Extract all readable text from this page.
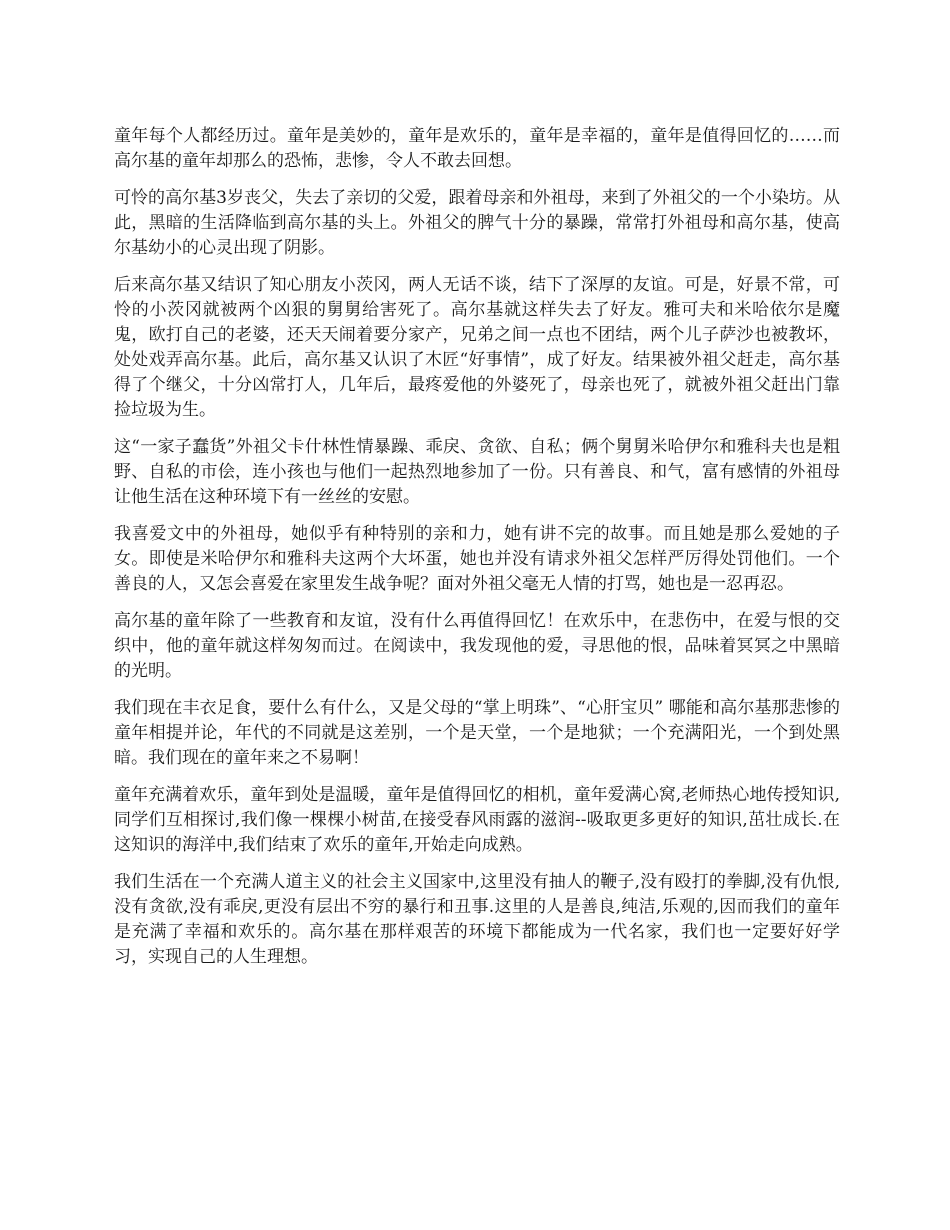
童年每个人都经历过。童年是美妙的，童年是欢乐的，童年是幸福的，童年是值得回忆的……而高尔基的童年却那么的恐怖，悲惨，令人不敢去回想。

可怜的高尔基3岁丧父，失去了亲切的父爱，跟着母亲和外祖母，来到了外祖父的一个小染坊。从此，黑暗的生活降临到高尔基的头上。外祖父的脾气十分的暴躁，常常打外祖母和高尔基，使高尔基幼小的心灵出现了阴影。

后来高尔基又结识了知心朋友小茨冈，两人无话不谈，结下了深厚的友谊。可是，好景不常，可怜的小茨冈就被两个凶狠的舅舅给害死了。高尔基就这样失去了好友。雅可夫和米哈依尔是魔鬼，欧打自己的老婆，还天天闹着要分家产，兄弟之间一点也不团结，两个儿子萨沙也被教坏，处处戏弄高尔基。此后，高尔基又认识了木匠“好事情”，成了好友。结果被外祖父赶走，高尔基得了个继父，十分凶常打人，几年后，最疼爱他的外婆死了，母亲也死了，就被外祖父赶出门靠捡垃圾为生。

这“一家子蠢货”外祖父卡什林性情暴躁、乖戾、贪欲、自私；俩个舅舅米哈伊尔和雅科夫也是粗野、自私的市侩，连小孩也与他们一起热烈地参加了一份。只有善良、和气，富有感情的外祖母让他生活在这种环境下有一丝丝的安慰。

我喜爱文中的外祖母，她似乎有种特别的亲和力，她有讲不完的故事。而且她是那么爱她的子女。即使是米哈伊尔和雅科夫这两个大坏蛋，她也并没有请求外祖父怎样严厉得处罚他们。一个善良的人，又怎会喜爱在家里发生战争呢？面对外祖父毫无人情的打骂，她也是一忍再忍。

高尔基的童年除了一些教育和友谊，没有什么再值得回忆！在欢乐中，在悲伤中，在爱与恨的交织中，他的童年就这样匆匆而过。在阅读中，我发现他的爱，寻思他的恨，品味着冥冥之中黑暗的光明。

我们现在丰衣足食，要什么有什么，又是父母的“掌上明珠”、“心肝宝贝” 哪能和高尔基那悲惨的童年相提并论，年代的不同就是这差别，一个是天堂，一个是地狱；一个充满阳光，一个到处黑暗。我们现在的童年来之不易啊！

童年充满着欢乐，童年到处是温暖，童年是值得回忆的相机，童年爱满心窝,老师热心地传授知识,同学们互相探讨,我们像一棵棵小树苗,在接受春风雨露的滋润--吸取更多更好的知识,茁壮成长.在这知识的海洋中,我们结束了欢乐的童年,开始走向成熟。

我们生活在一个充满人道主义的社会主义国家中,这里没有抽人的鞭子,没有殴打的拳脚,没有仇恨,没有贪欲,没有乖戾,更没有层出不穷的暴行和丑事.这里的人是善良,纯洁,乐观的,因而我们的童年是充满了幸福和欢乐的。高尔基在那样艰苦的环境下都能成为一代名家，我们也一定要好好学习，实现自己的人生理想。
